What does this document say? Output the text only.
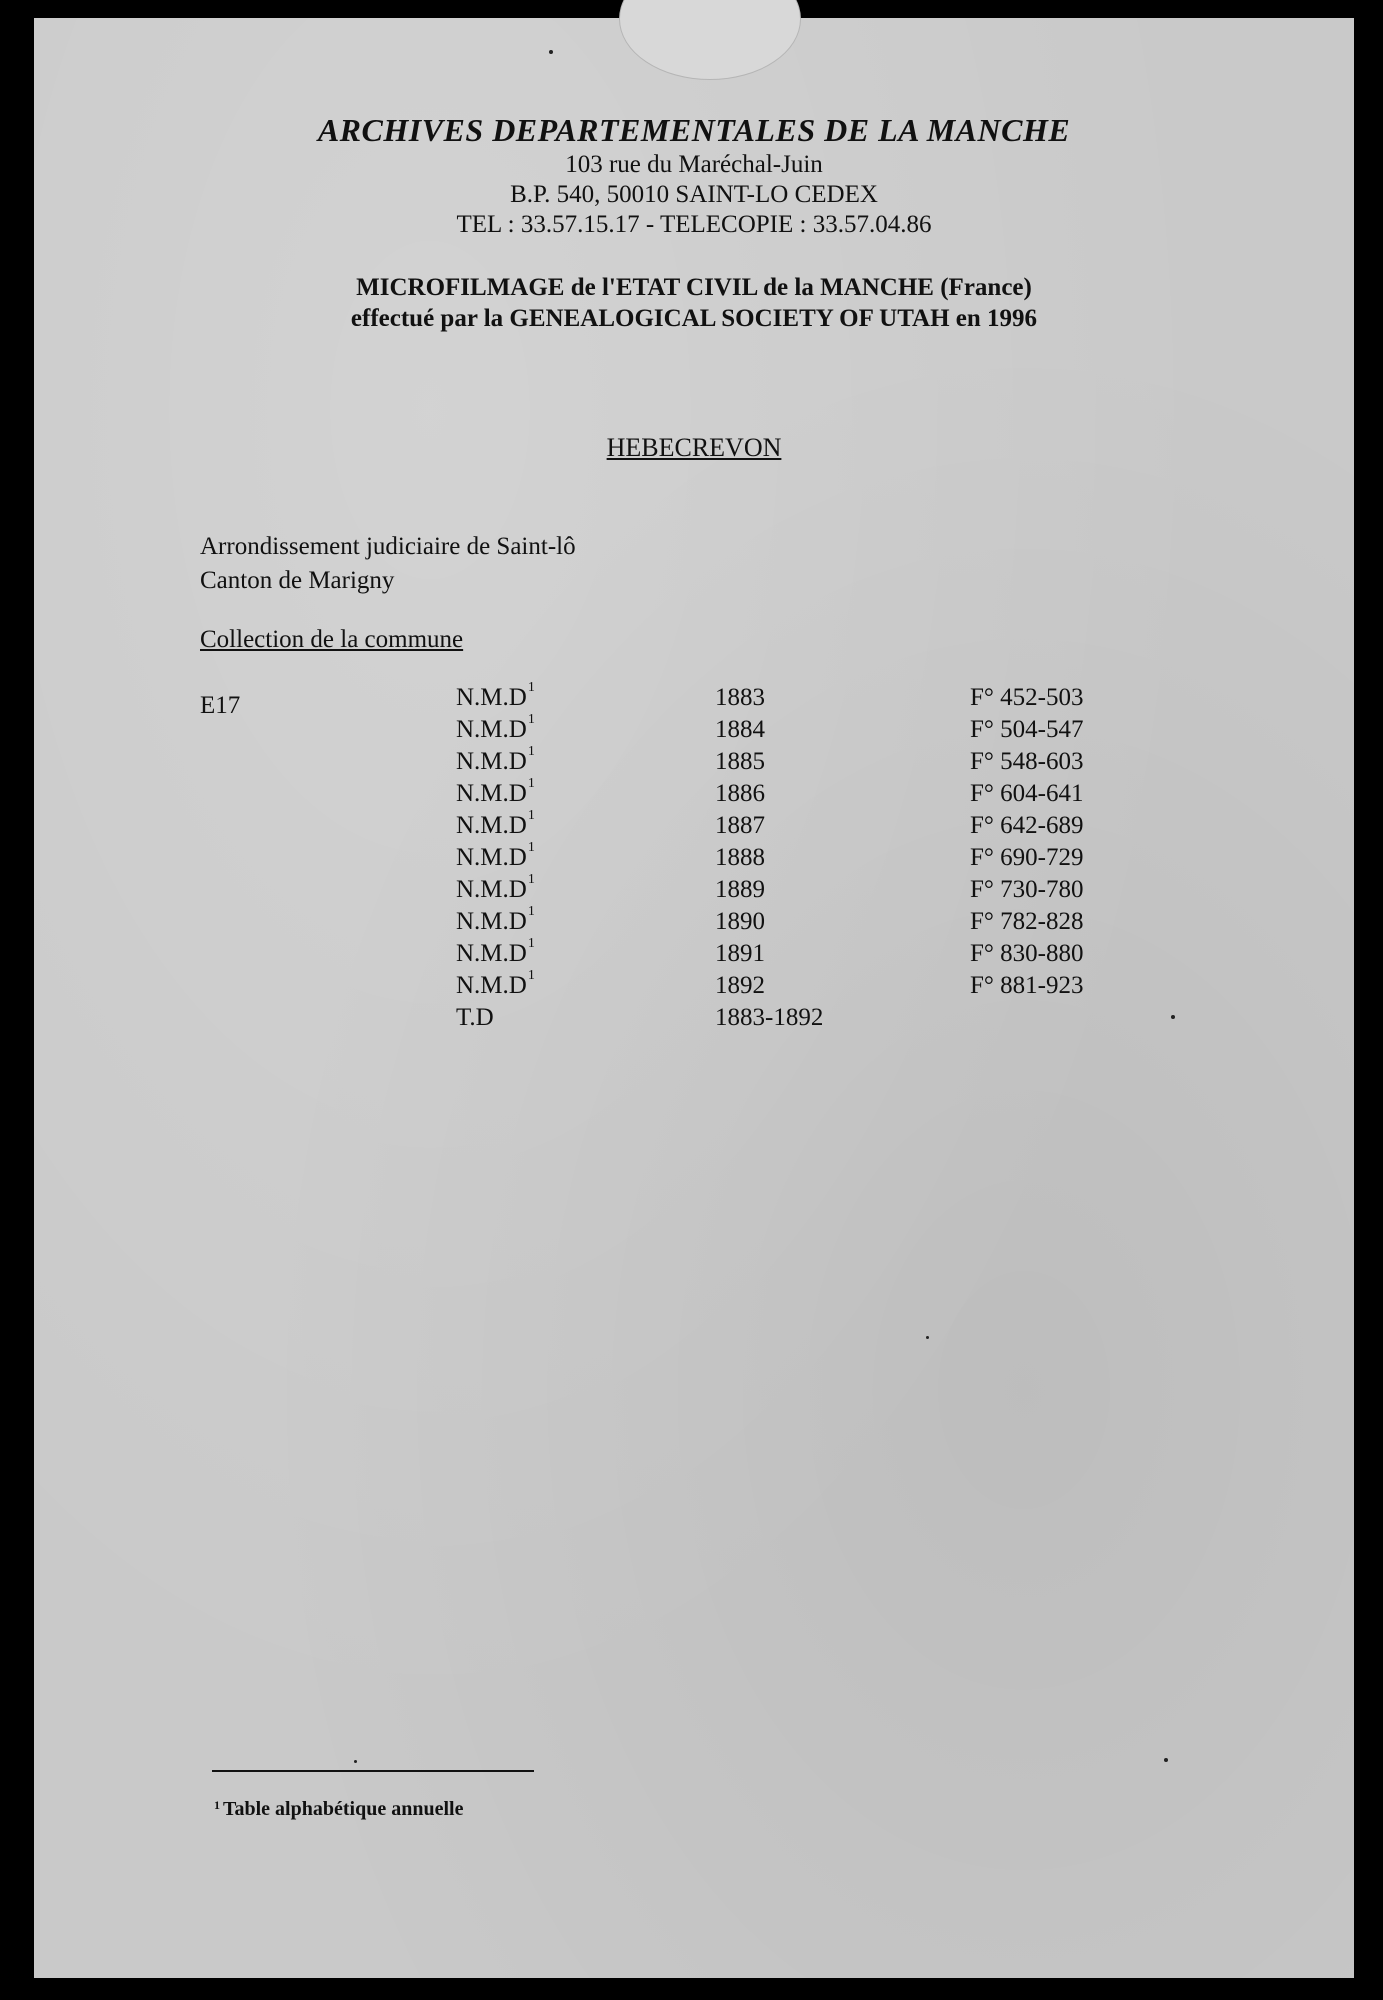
ARCHIVES DEPARTEMENTALES DE LA MANCHE
103 rue du Maréchal-Juin
B.P. 540, 50010 SAINT-LO CEDEX
TEL : 33.57.15.17 - TELECOPIE : 33.57.04.86
MICROFILMAGE de l'ETAT CIVIL de la MANCHE (France)
effectué par la GENEALOGICAL SOCIETY OF UTAH en 1996
HEBECREVON
Arrondissement judiciaire de Saint-lô
Canton de Marigny
Collection de la commune
E17	$N.M.D^1$	1883	F° 452-503
$N.M.D^1$	1884	F° 504-547
$N.M.D^1$	1885	F° 548-603
$N.M.D^1$	1886	F° 604-641
$N.M.D^1$	1887	F° 642-689
$N.M.D^1$	1888	F° 690-729
$N.M.D^1$	1889	F° 730-780
$N.M.D^1$	1890	F° 782-828
$N.M.D^1$	1891	F° 830-880
$N.M.D^1$	1892	F° 881-923
T.D	1883-1892
$^1$ Table alphabétique annuelle
